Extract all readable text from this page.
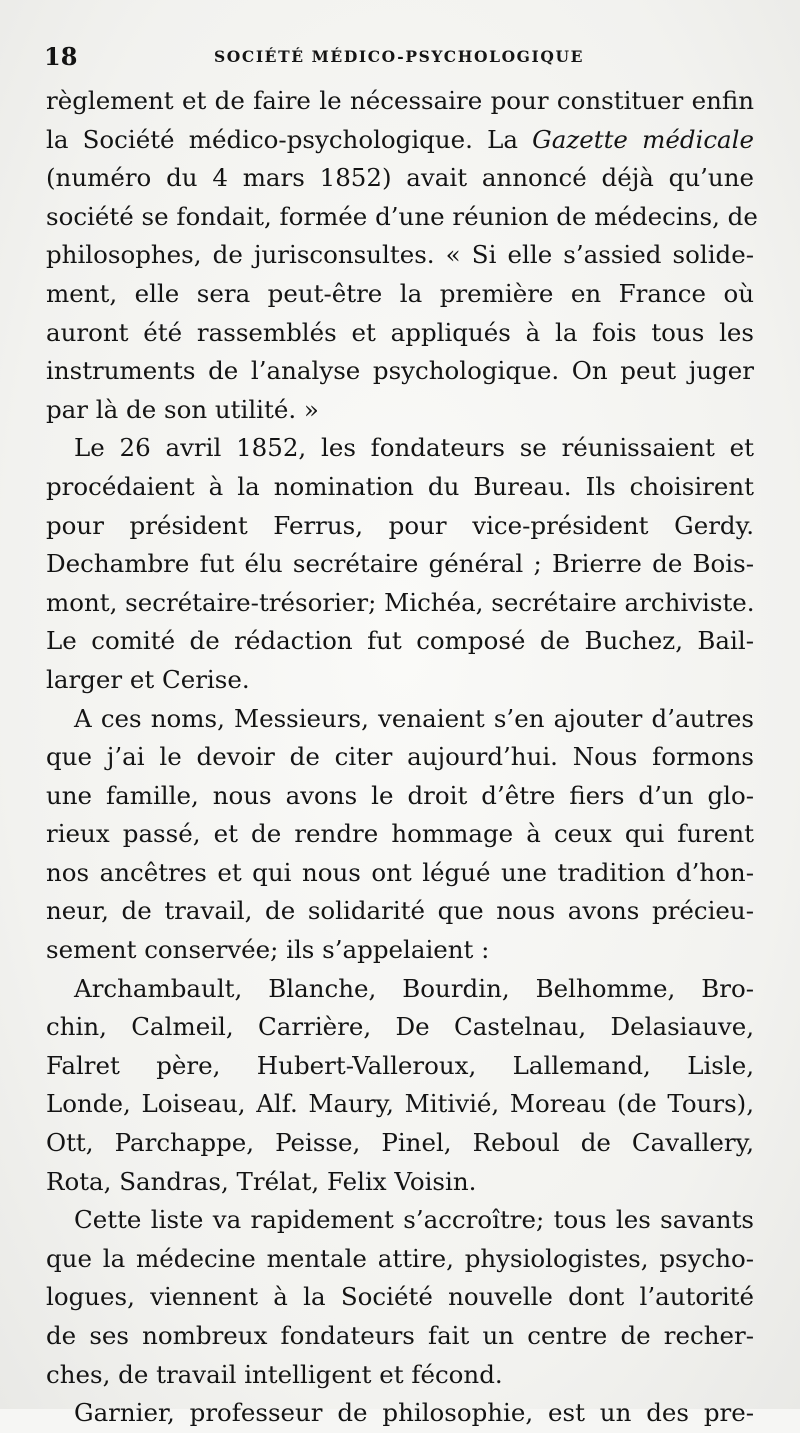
18	SOCIÉTÉ MÉDICO-PSYCHOLOGIQUE
règlement et de faire le nécessaire pour constituer enfin
la Société médico-psychologique. La Gazette médicale
(numéro du 4 mars 1852) avait annoncé déjà qu’une
société se fondait, formée d’une réunion de médecins, de
philosophes, de jurisconsultes. « Si elle s’assied solide-
ment, elle sera peut-être la première en France où
auront été rassemblés et appliqués à la fois tous les
instruments de l’analyse psychologique. On peut juger
par là de son utilité. »
Le 26 avril 1852, les fondateurs se réunissaient et
procédaient à la nomination du Bureau. Ils choisirent
pour président Ferrus, pour vice-président Gerdy.
Dechambre fut élu secrétaire général ; Brierre de Bois-
mont, secrétaire-trésorier; Michéa, secrétaire archiviste.
Le comité de rédaction fut composé de Buchez, Bail-
larger et Cerise.
A ces noms, Messieurs, venaient s’en ajouter d’autres
que j’ai le devoir de citer aujourd’hui. Nous formons
une famille, nous avons le droit d’être fiers d’un glo-
rieux passé, et de rendre hommage à ceux qui furent
nos ancêtres et qui nous ont légué une tradition d’hon-
neur, de travail, de solidarité que nous avons précieu-
sement conservée; ils s’appelaient :
Archambault, Blanche, Bourdin, Belhomme, Bro-
chin, Calmeil, Carrière, De Castelnau, Delasiauve,
Falret père, Hubert-Valleroux, Lallemand, Lisle,
Londe, Loiseau, Alf. Maury, Mitivié, Moreau (de Tours),
Ott, Parchappe, Peisse, Pinel, Reboul de Cavallery,
Rota, Sandras, Trélat, Felix Voisin.
Cette liste va rapidement s’accroître; tous les savants
que la médecine mentale attire, physiologistes, psycho-
logues, viennent à la Société nouvelle dont l’autorité
de ses nombreux fondateurs fait un centre de recher-
ches, de travail intelligent et fécond.
Garnier, professeur de philosophie, est un des pre-
